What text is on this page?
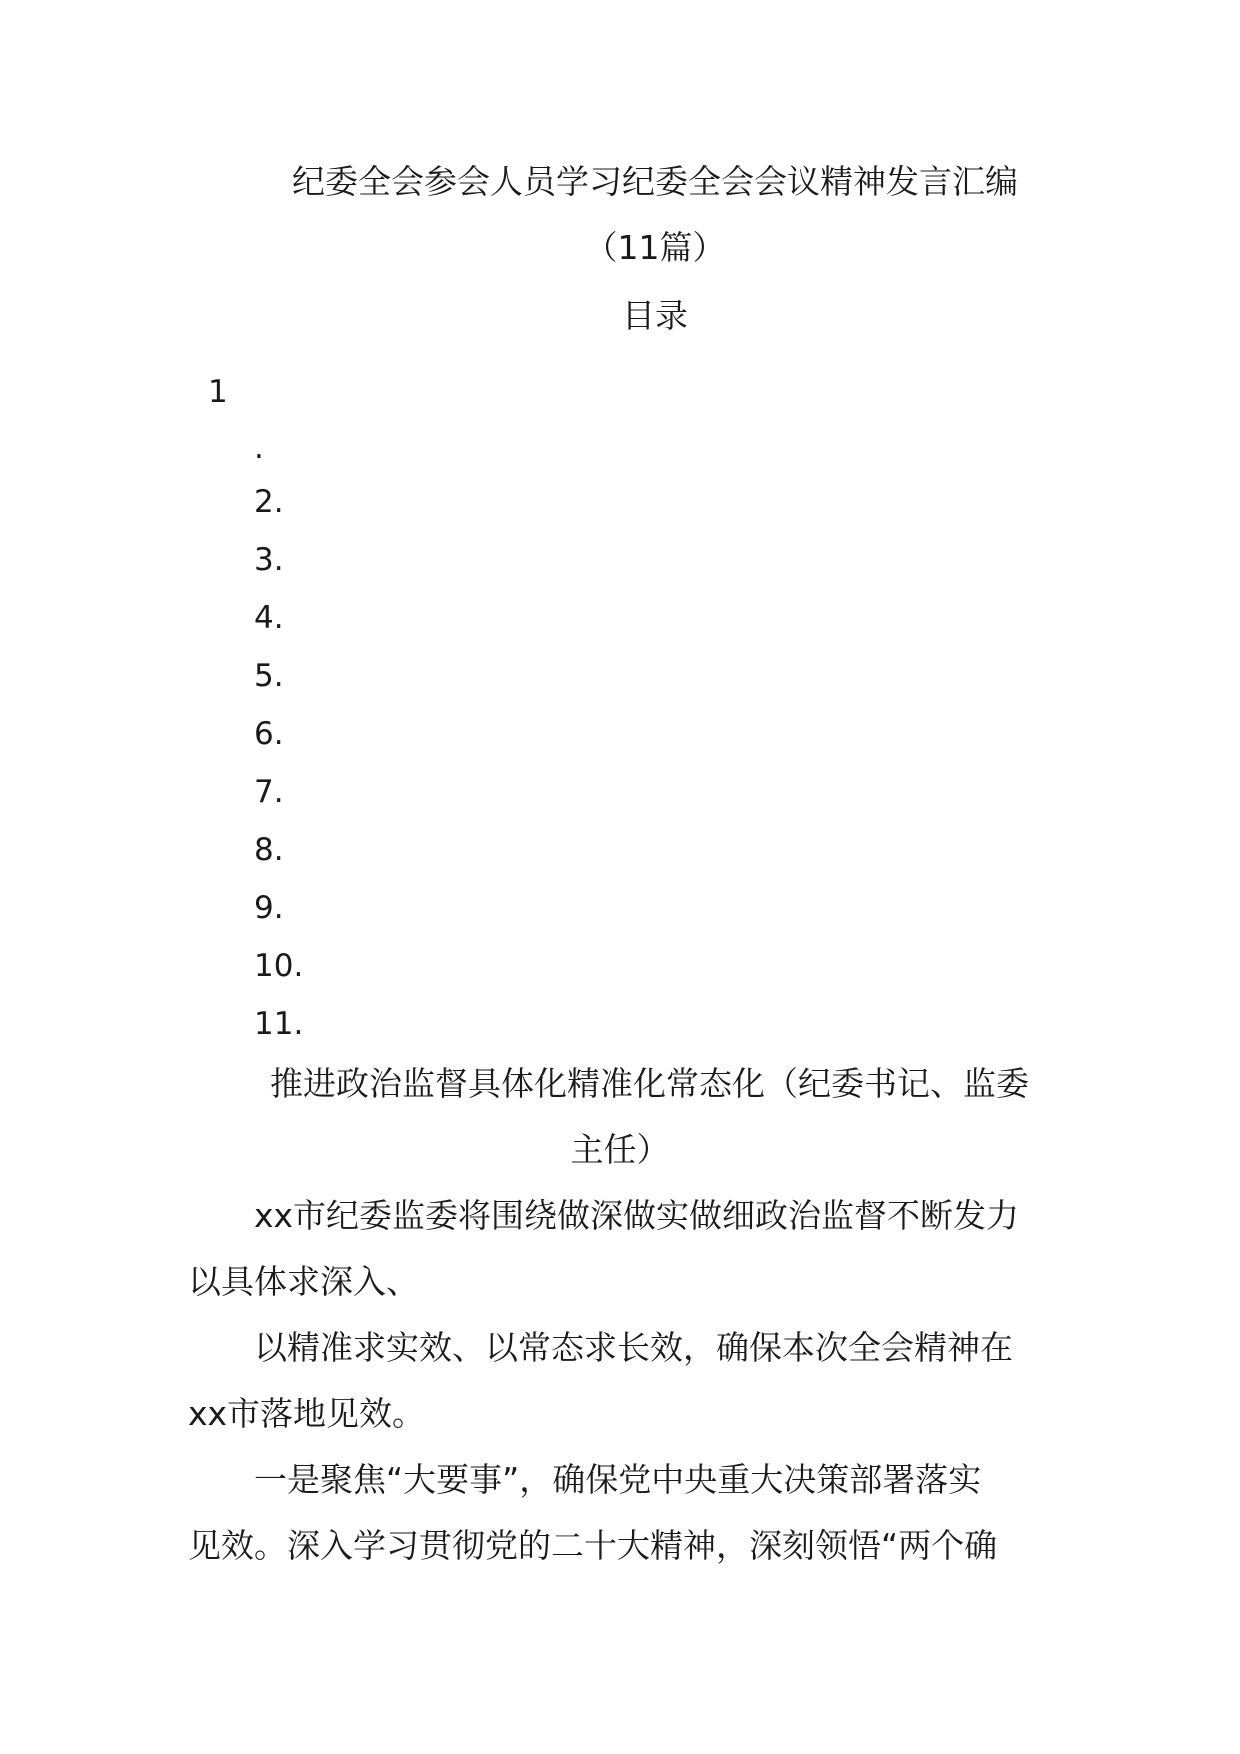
纪委全会参会人员学习纪委全会会议精神发言汇编
（11篇）
目录
1
.
2.
3.
4.
5.
6.
7.
8.
9.
10.
11.
推进政治监督具体化精准化常态化（纪委书记、监委
主任）
xx市纪委监委将围绕做深做实做细政治监督不断发力
以具体求深入、
以精准求实效、以常态求长效，确保本次全会精神在
xx市落地见效。
一是聚焦“大要事”，确保党中央重大决策部署落实
见效。深入学习贯彻党的二十大精神，深刻领悟“两个确
